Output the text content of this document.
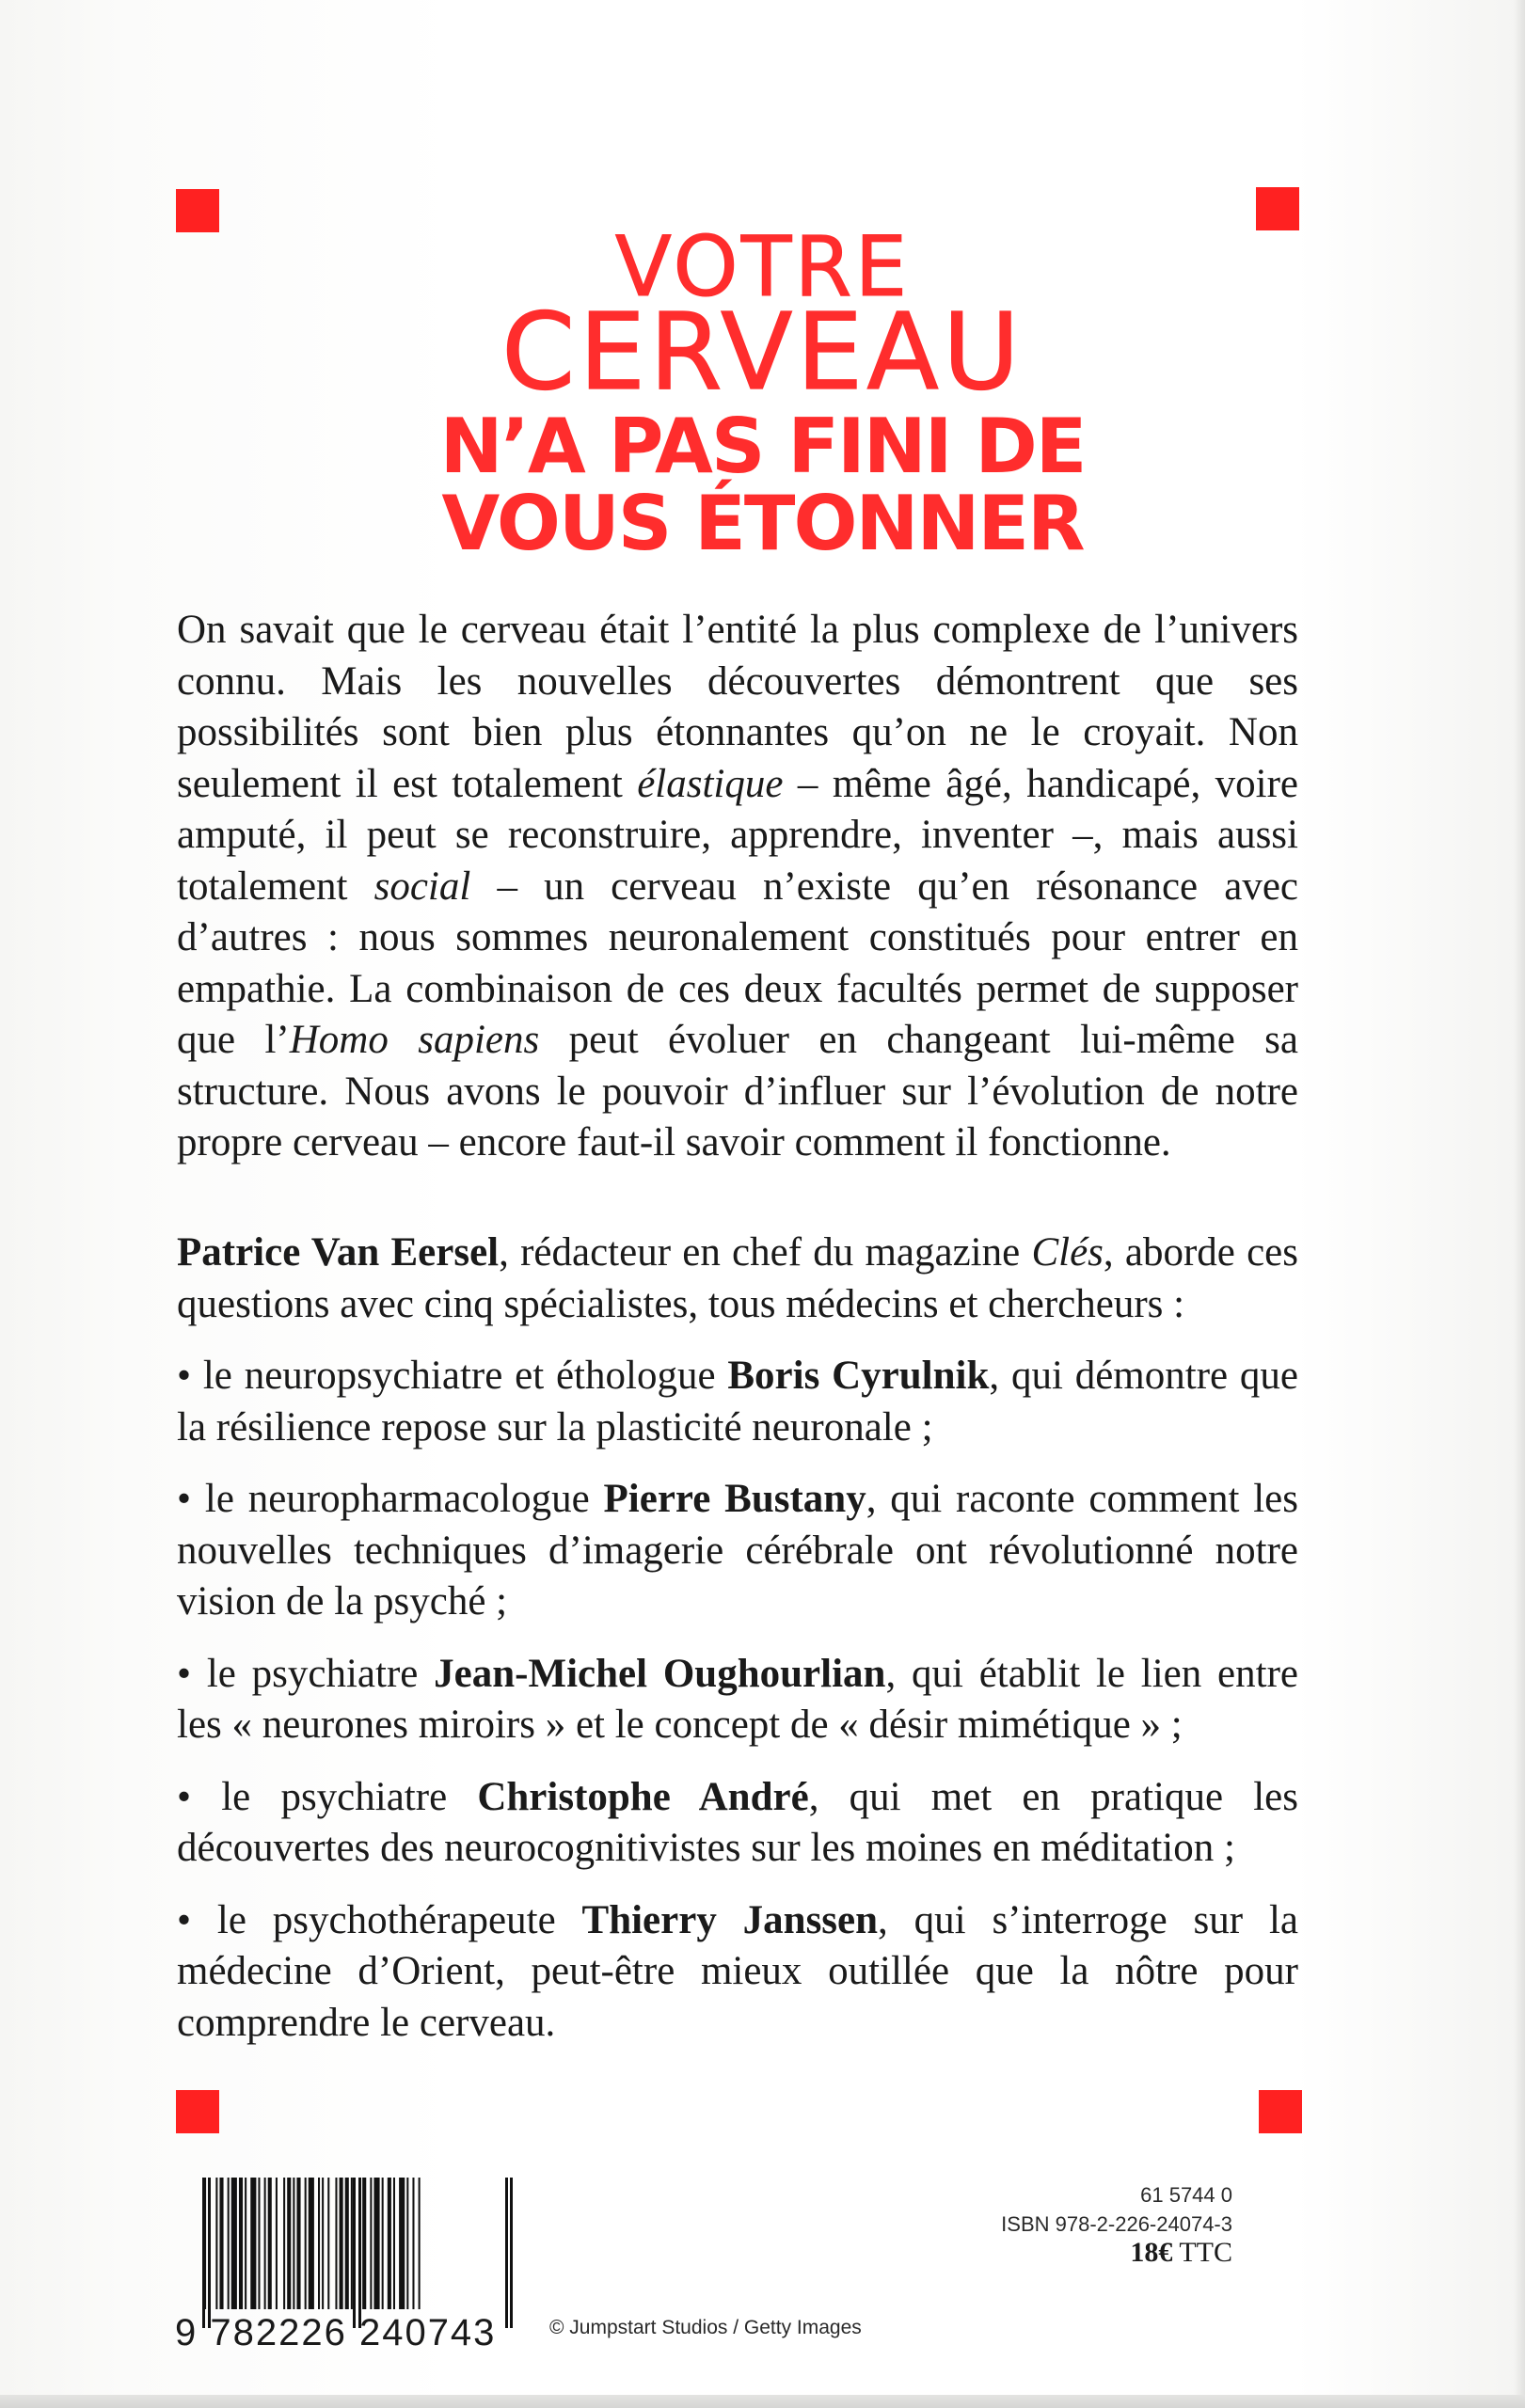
VOTRE
CERVEAU
N’A PAS FINI DE
VOUS ÉTONNER

On savait que le cerveau était l’entité la plus complexe de l’univers connu. Mais les nouvelles découvertes démontrent que ses possibilités sont bien plus étonnantes qu’on ne le croyait. Non seulement il est totalement élastique – même âgé, handicapé, voire amputé, il peut se reconstruire, apprendre, inventer –, mais aussi totalement social – un cerveau n’existe qu’en résonance avec d’autres : nous sommes neuronalement constitués pour entrer en empathie. La combinaison de ces deux facultés permet de supposer que l’Homo sapiens peut évoluer en changeant lui-même sa structure. Nous avons le pouvoir d’influer sur l’évolution de notre propre cerveau – encore faut-il savoir comment il fonctionne.

Patrice Van Eersel, rédacteur en chef du magazine Clés, aborde ces questions avec cinq spécialistes, tous médecins et chercheurs :

• le neuropsychiatre et éthologue Boris Cyrulnik, qui démontre que la résilience repose sur la plasticité neuronale ;

• le neuropharmacologue Pierre Bustany, qui raconte comment les nouvelles techniques d’imagerie cérébrale ont révolutionné notre vision de la psyché ;

• le psychiatre Jean-Michel Oughourlian, qui établit le lien entre les « neurones miroirs » et le concept de « désir mimétique » ;

• le psychiatre Christophe André, qui met en pratique les découvertes des neurocognitivistes sur les moines en méditation ;

• le psychothérapeute Thierry Janssen, qui s’interroge sur la médecine d’Orient, peut-être mieux outillée que la nôtre pour comprendre le cerveau.

9 782226 240743
61 5744 0
ISBN 978-2-226-24074-3
18€ TTC
© Jumpstart Studios / Getty Images
